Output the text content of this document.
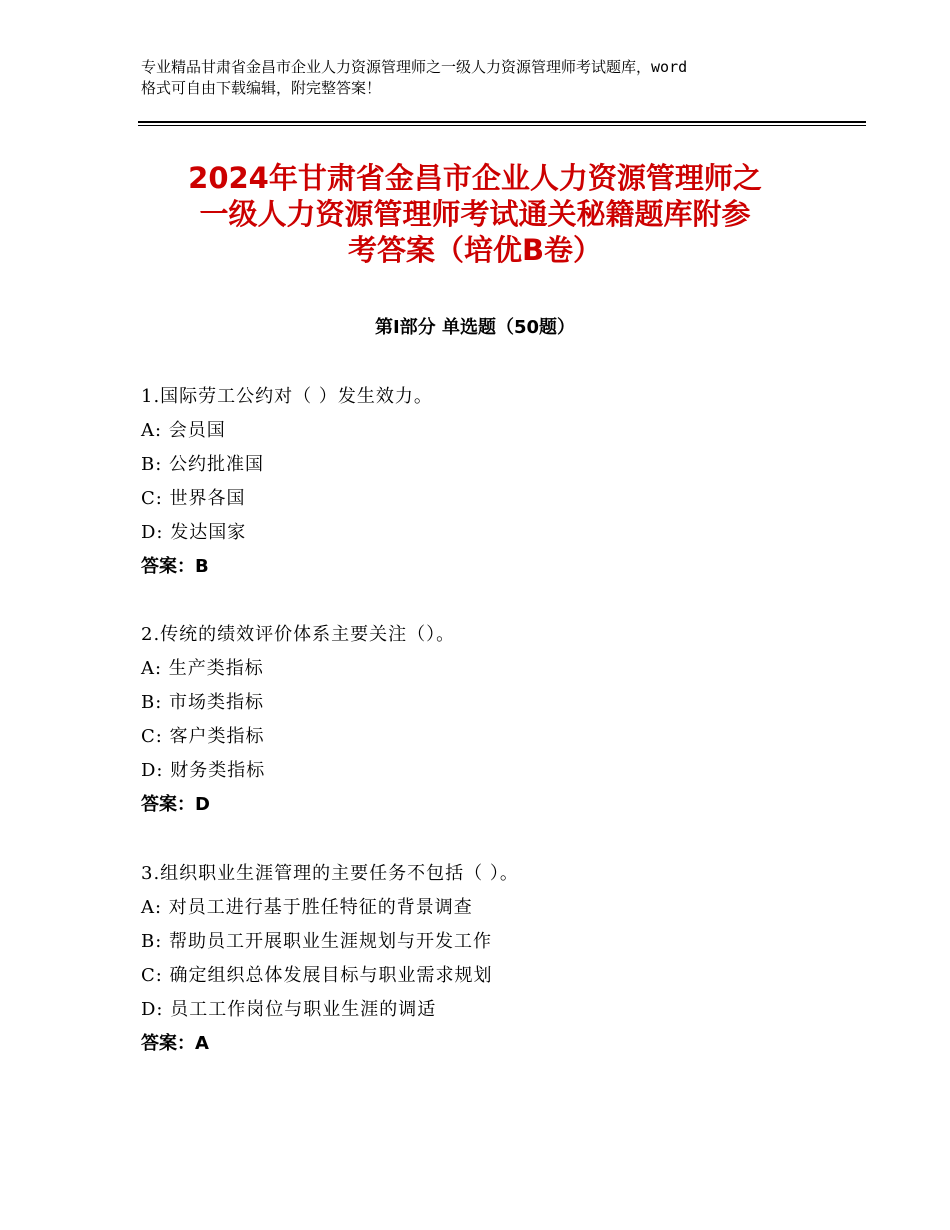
专业精品甘肃省金昌市企业人力资源管理师之一级人力资源管理师考试题库，word
格式可自由下载编辑，附完整答案！
2024年甘肃省金昌市企业人力资源管理师之
一级人力资源管理师考试通关秘籍题库附参
考答案（培优B卷）
第Ⅰ部分 单选题（50题）
1.国际劳工公约对（ ）发生效力。
A: 会员国
B: 公约批准国
C: 世界各国
D: 发达国家
答案：B
2.传统的绩效评价体系主要关注（）。
A: 生产类指标
B: 市场类指标
C: 客户类指标
D: 财务类指标
答案：D
3.组织职业生涯管理的主要任务不包括（ ）。
A: 对员工进行基于胜任特征的背景调查
B: 帮助员工开展职业生涯规划与开发工作
C: 确定组织总体发展目标与职业需求规划
D: 员工工作岗位与职业生涯的调适
答案：A
